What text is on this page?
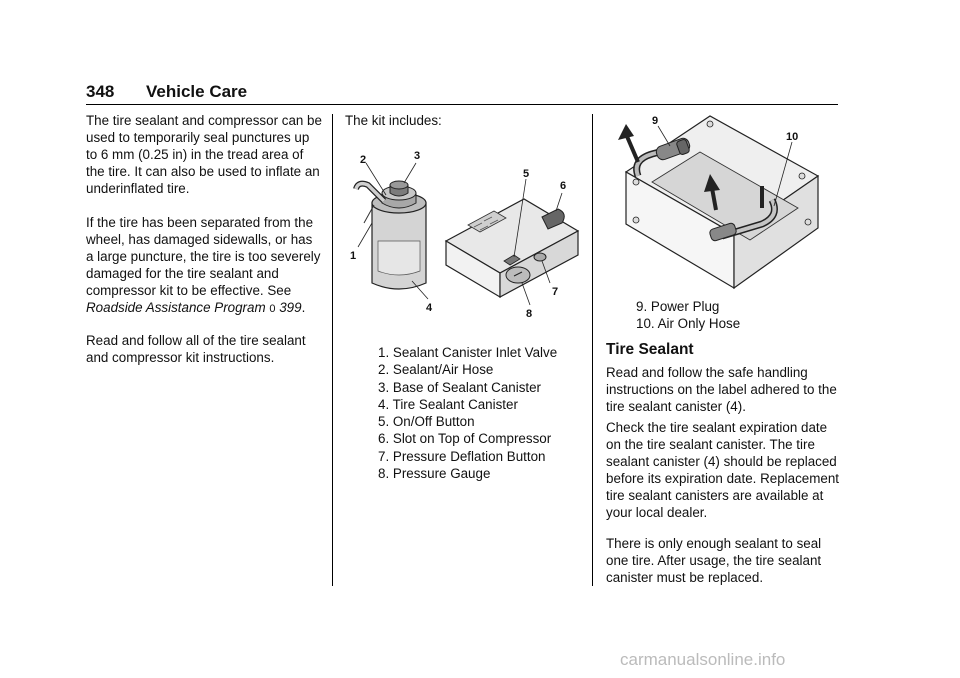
348 Vehicle Care

The tire sealant and compressor can be used to temporarily seal punctures up to 6 mm (0.25 in) in the tread area of the tire. It can also be used to inflate an underinflated tire.

If the tire has been separated from the wheel, has damaged sidewalls, or has a large puncture, the tire is too severely damaged for the tire sealant and compressor kit to be effective. See Roadside Assistance Program 0 399.

Read and follow all of the tire sealant and compressor kit instructions.

The kit includes:

2	3
1
4
5
6
7
8
1. Sealant Canister Inlet Valve
2. Sealant/Air Hose
3. Base of Sealant Canister
4. Tire Sealant Canister
5. On/Off Button
6. Slot on Top of Compressor
7. Pressure Deflation Button
8. Pressure Gauge
9
10
9. Power Plug
10. Air Only Hose
Tire Sealant

Read and follow the safe handling instructions on the label adhered to the tire sealant canister (4).

Check the tire sealant expiration date on the tire sealant canister. The tire sealant canister (4) should be replaced before its expiration date. Replacement tire sealant canisters are available at your local dealer.

There is only enough sealant to seal one tire. After usage, the tire sealant canister must be replaced.

carmanualsonline.info
